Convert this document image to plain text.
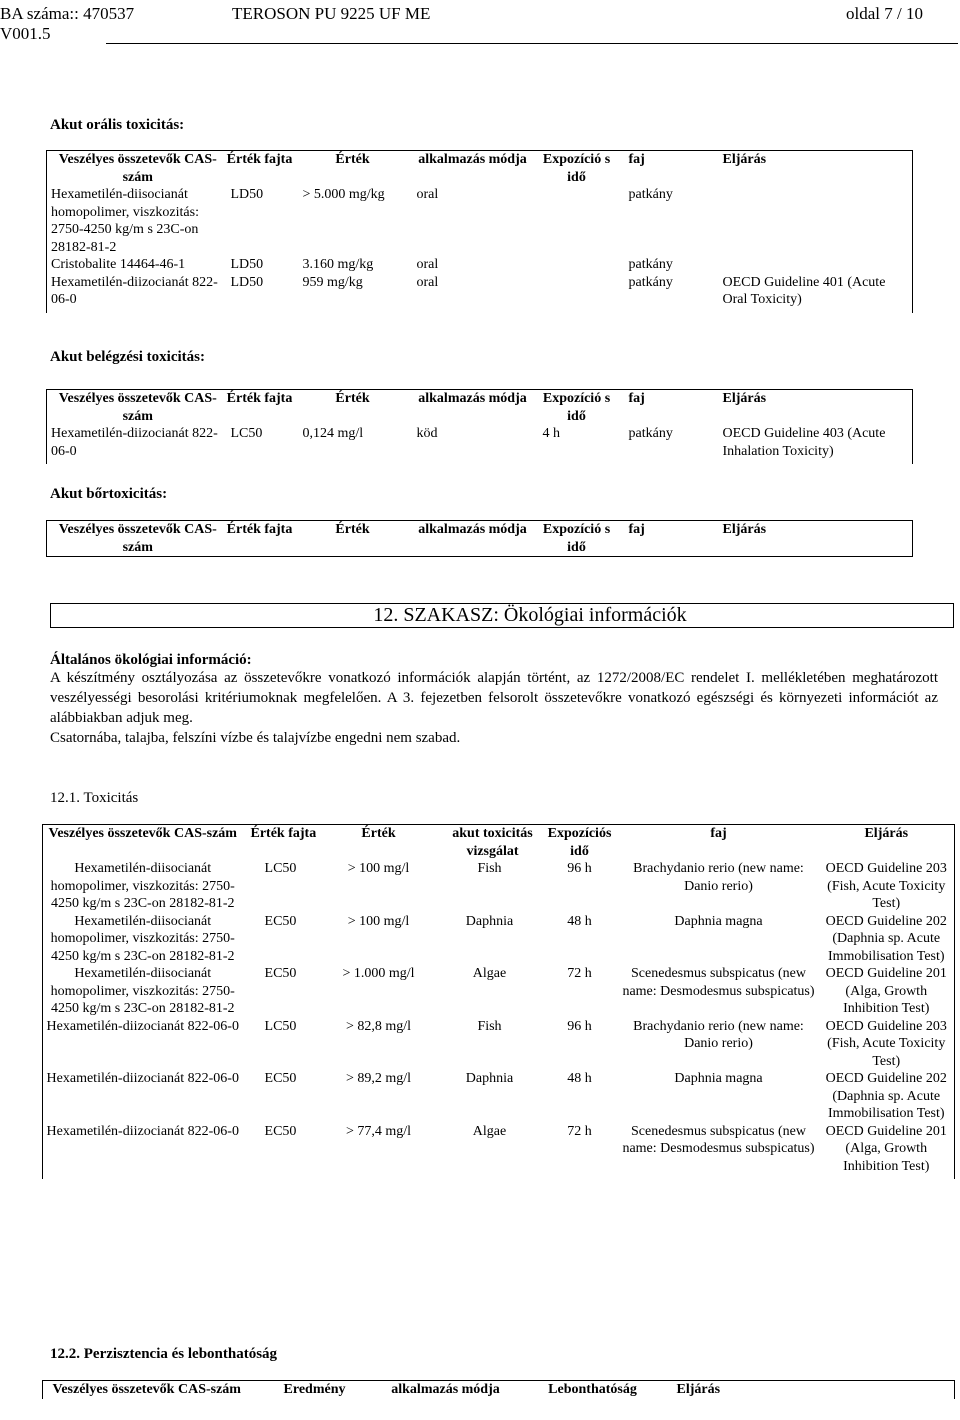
BA száma:: 470537
V001.5
TEROSON PU 9225 UF ME	oldal 7 / 10
Akut orális toxicitás:
Veszélyes összetevők CAS-szám	Érték fajta	Érték	alkalmazás módja	Expozíció s idő	faj	Eljárás
Hexametilén-diisocianát homopolimer, viszkozitás: 2750-4250 kg/m s 23C-on 28182-81-2	LD50	> 5.000 mg/kg	oral		patkány	
Cristobalite 14464-46-1	LD50	3.160 mg/kg	oral		patkány	
Hexametilén-diizocianát 822-06-0	LD50	959 mg/kg	oral		patkány	OECD Guideline 401 (Acute Oral Toxicity)
Akut belégzési toxicitás:
Veszélyes összetevők CAS-szám	Érték fajta	Érték	alkalmazás módja	Expozíció s idő	faj	Eljárás
Hexametilén-diizocianát 822-06-0	LC50	0,124 mg/l	köd	4 h	patkány	OECD Guideline 403 (Acute Inhalation Toxicity)
Akut bőrtoxicitás:
Veszélyes összetevők CAS-szám	Érték fajta	Érték	alkalmazás módja	Expozíció s idő	faj	Eljárás
12. SZAKASZ: Ökológiai információk
Általános ökológiai információ:
A készítmény osztályozása az összetevőkre vonatkozó információk alapján történt, az 1272/2008/EC rendelet I. mellékletében meghatározott veszélyességi besorolási kritériumoknak megfelelően. A 3. fejezetben felsorolt összetevőkre vonatkozó egészségi és környezeti információt az alábbiakban adjuk meg.
Csatornába, talajba, felszíni vízbe és talajvízbe engedni nem szabad.
12.1. Toxicitás
Veszélyes összetevők CAS-szám	Érték fajta	Érték	akut toxicitás vizsgálat	Expozíciós idő	faj	Eljárás
Hexametilén-diisocianát homopolimer, viszkozitás: 2750-4250 kg/m s 23C-on 28182-81-2	LC50	> 100 mg/l	Fish	96 h	Brachydanio rerio (new name: Danio rerio)	OECD Guideline 203 (Fish, Acute Toxicity Test)
Hexametilén-diisocianát homopolimer, viszkozitás: 2750-4250 kg/m s 23C-on 28182-81-2	EC50	> 100 mg/l	Daphnia	48 h	Daphnia magna	OECD Guideline 202 (Daphnia sp. Acute Immobilisation Test)
Hexametilén-diisocianát homopolimer, viszkozitás: 2750-4250 kg/m s 23C-on 28182-81-2	EC50	> 1.000 mg/l	Algae	72 h	Scenedesmus subspicatus (new name: Desmodesmus subspicatus)	OECD Guideline 201 (Alga, Growth Inhibition Test)
Hexametilén-diizocianát 822-06-0	LC50	> 82,8 mg/l	Fish	96 h	Brachydanio rerio (new name: Danio rerio)	OECD Guideline 203 (Fish, Acute Toxicity Test)
Hexametilén-diizocianát 822-06-0	EC50	> 89,2 mg/l	Daphnia	48 h	Daphnia magna	OECD Guideline 202 (Daphnia sp. Acute Immobilisation Test)
Hexametilén-diizocianát 822-06-0	EC50	> 77,4 mg/l	Algae	72 h	Scenedesmus subspicatus (new name: Desmodesmus subspicatus)	OECD Guideline 201 (Alga, Growth Inhibition Test)
12.2. Perzisztencia és lebonthatóság
Veszélyes összetevők CAS-szám	Eredmény	alkalmazás módja	Lebonthatóság	Eljárás
